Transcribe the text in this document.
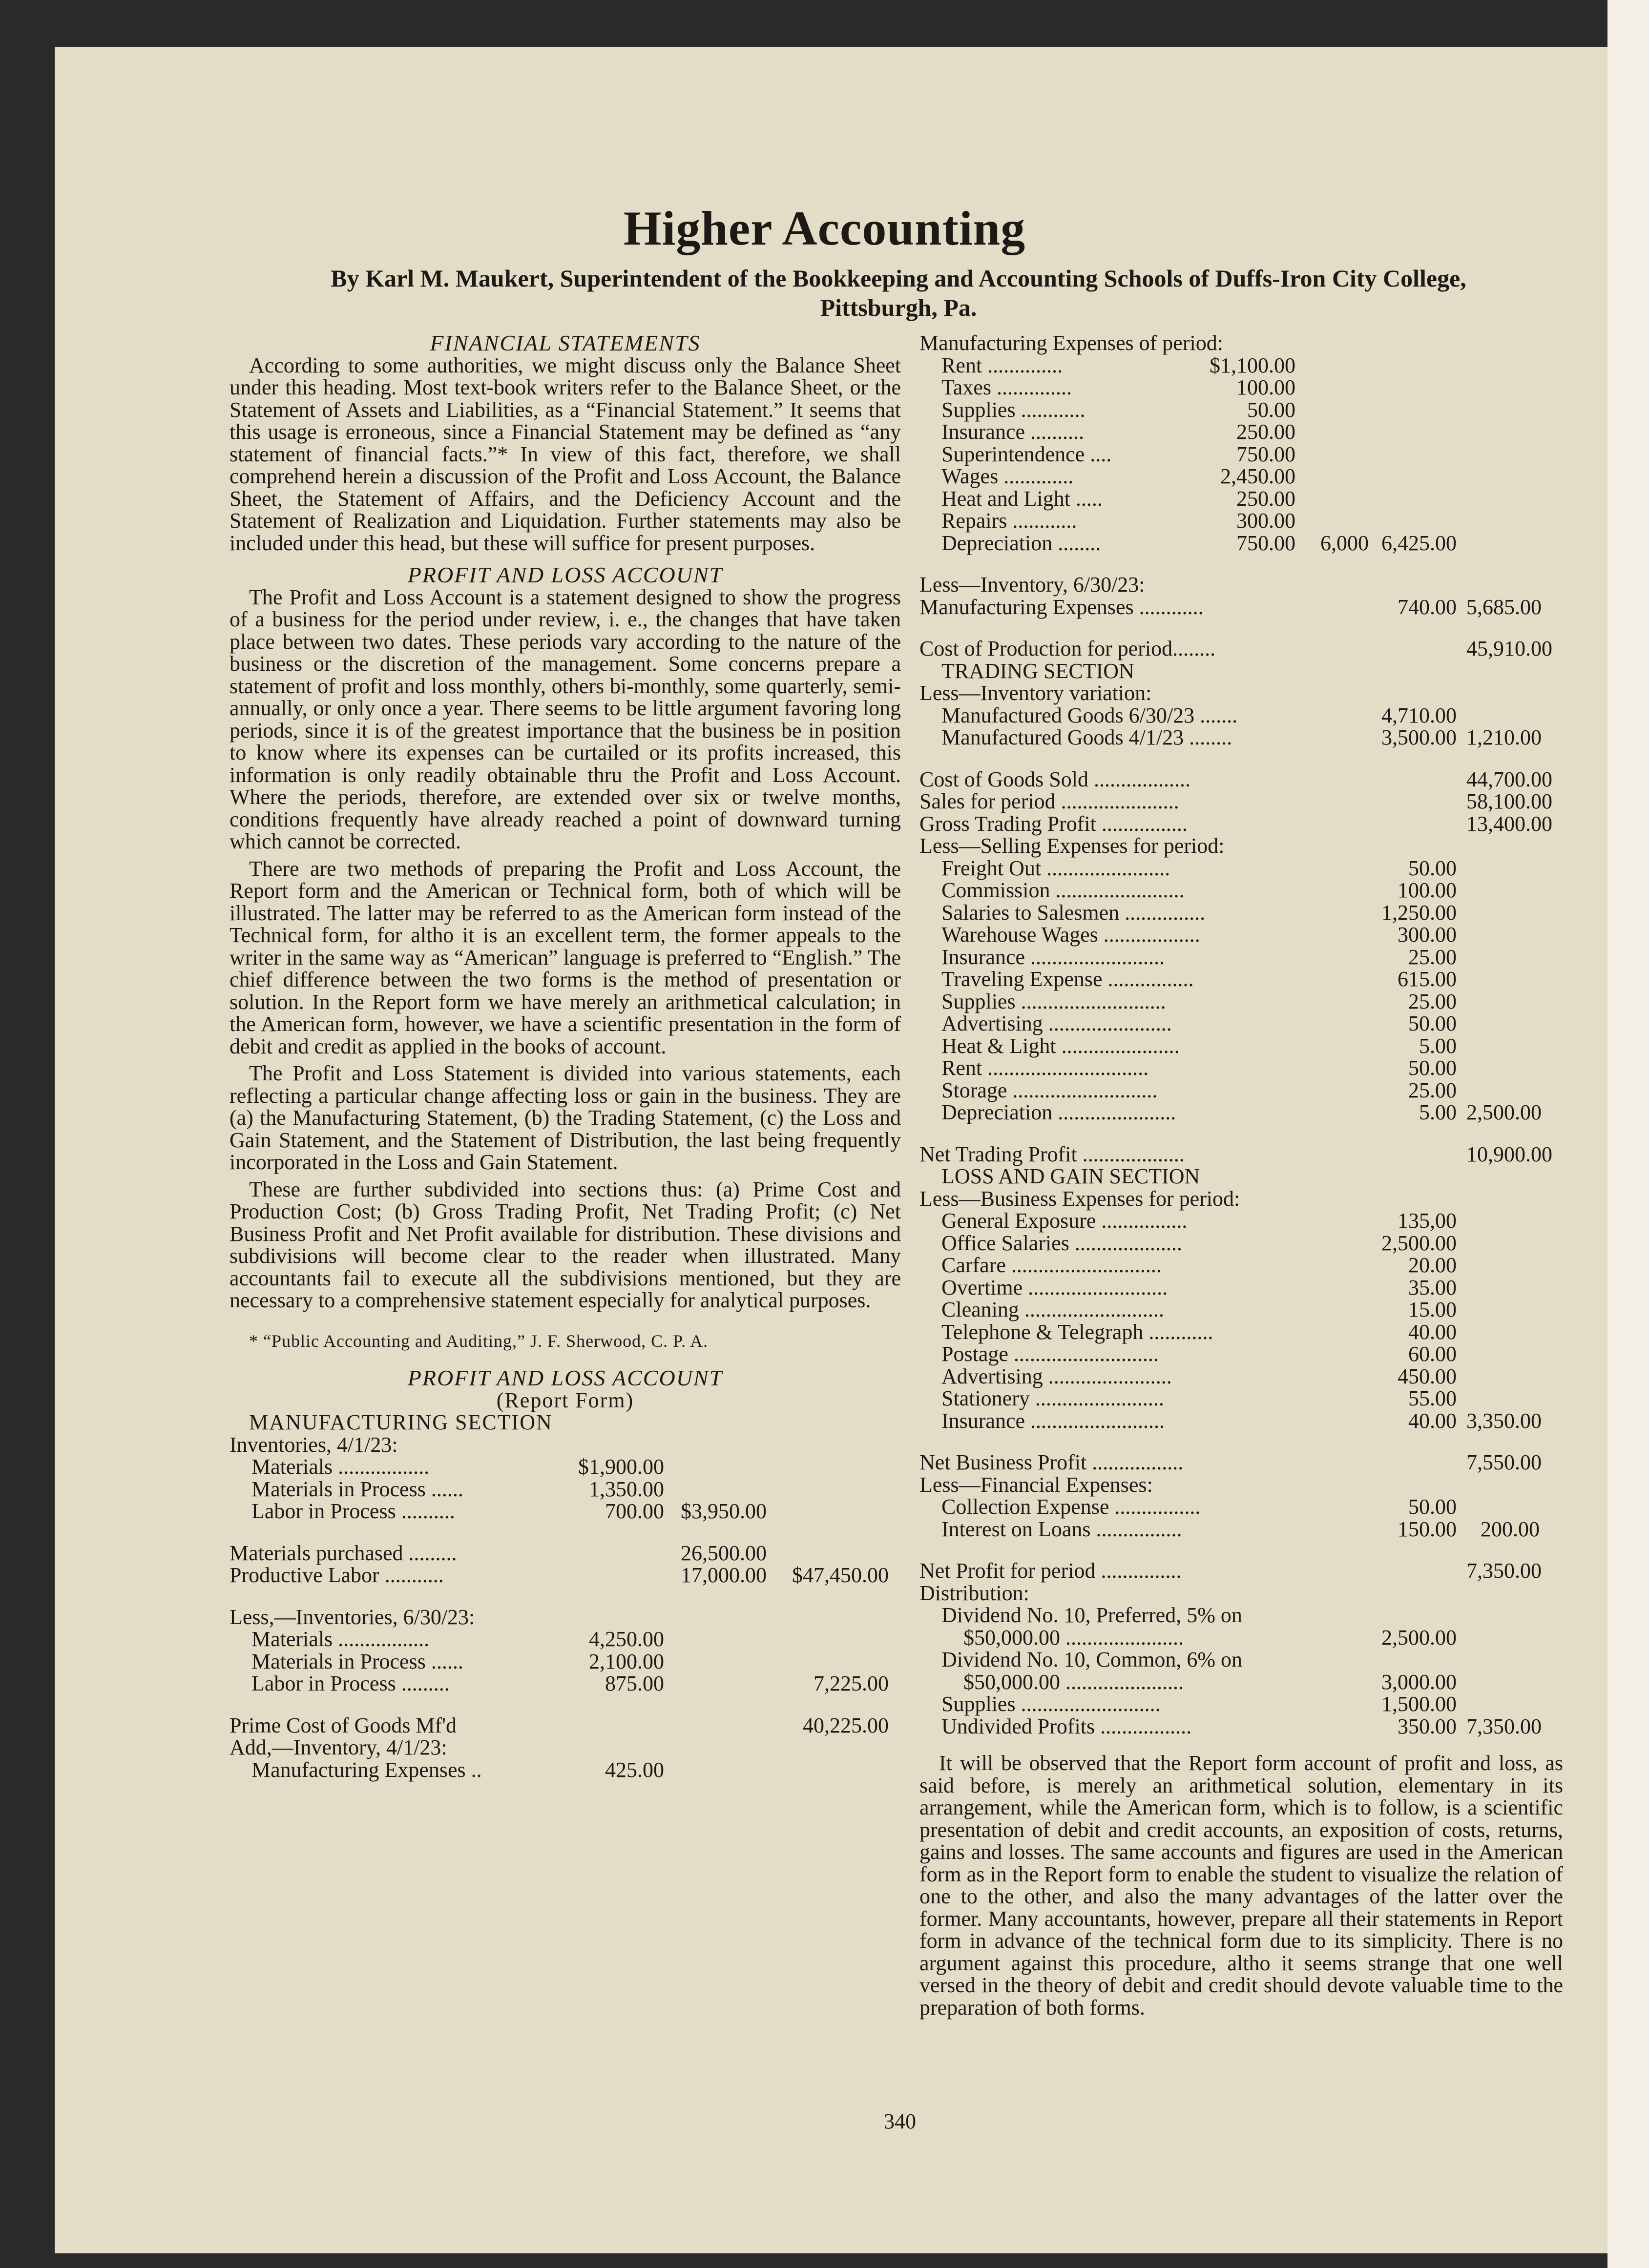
Higher Accounting
By Karl M. Maukert, Superintendent of the Bookkeeping and Accounting Schools of Duffs-Iron City College, Pittsburgh, Pa.

FINANCIAL STATEMENTS

According to some authorities, we might discuss only the Balance Sheet under this heading. Most text-book writers refer to the Balance Sheet, or the Statement of Assets and Liabilities, as a “Financial Statement.” It seems that this usage is erroneous, since a Financial Statement may be defined as “any statement of financial facts.”* In view of this fact, therefore, we shall comprehend herein a discussion of the Profit and Loss Account, the Balance Sheet, the Statement of Affairs, and the Deficiency Account and the Statement of Realization and Liquidation. Further statements may also be included under this head, but these will suffice for present purposes.

PROFIT AND LOSS ACCOUNT

The Profit and Loss Account is a statement designed to show the progress of a business for the period under review, i. e., the changes that have taken place between two dates. These periods vary according to the nature of the business or the discretion of the management. Some concerns prepare a statement of profit and loss monthly, others bi-monthly, some quarterly, semi-annually, or only once a year. There seems to be little argument favoring long periods, since it is of the greatest importance that the business be in position to know where its expenses can be curtailed or its profits increased, this information is only readily obtainable thru the Profit and Loss Account. Where the periods, therefore, are extended over six or twelve months, conditions frequently have already reached a point of downward turning which cannot be corrected.

There are two methods of preparing the Profit and Loss Account, the Report form and the American or Technical form, both of which will be illustrated. The latter may be referred to as the American form instead of the Technical form, for altho it is an excellent term, the former appeals to the writer in the same way as “American” language is preferred to “English.” The chief difference between the two forms is the method of presentation or solution. In the Report form we have merely an arithmetical calculation; in the American form, however, we have a scientific presentation in the form of debit and credit as applied in the books of account.

The Profit and Loss Statement is divided into various statements, each reflecting a particular change affecting loss or gain in the business. They are (a) the Manufacturing Statement, (b) the Trading Statement, (c) the Loss and Gain Statement, and the Statement of Distribution, the last being frequently incorporated in the Loss and Gain Statement.

These are further subdivided into sections thus: (a) Prime Cost and Production Cost; (b) Gross Trading Profit, Net Trading Profit; (c) Net Business Profit and Net Profit available for distribution. These divisions and subdivisions will become clear to the reader when illustrated. Many accountants fail to execute all the subdivisions mentioned, but they are necessary to a comprehensive statement especially for analytical purposes.

* “Public Accounting and Auditing,” J. F. Sherwood, C. P. A.

PROFIT AND LOSS ACCOUNT

(Report Form)

MANUFACTURING SECTION

Inventories, 4/1/23:
Materials .................	$1,900.00
Materials in Process ......	1,350.00
Labor in Process ..........	700.00 $3,950.00
Materials purchased .........	26,500.00
Productive Labor ...........	17,000.00	$47,450.00
Less,—Inventories, 6/30/23:
Materials .................	4,250.00
Materials in Process ......	2,100.00
Labor in Process .........	875.00	7,225.00
Prime Cost of Goods Mf'd	40,225.00
Add,—Inventory, 4/1/23:
Manufacturing Expenses ..	425.00
Manufacturing Expenses of period:
Rent ..............	$1,100.00
Taxes ..............	100.00
Supplies ............	50.00
Insurance ..........	250.00
Superintendence ....	750.00
Wages .............	2,450.00
Heat and Light .....	250.00
Repairs ............	300.00
Depreciation ........	750.00	6,000 6,425.00
Less—Inventory, 6/30/23:
Manufacturing Expenses ............	740.00 5,685.00
Cost of Production for period........	45,910.00
TRADING SECTION
Less—Inventory variation:
Manufactured Goods 6/30/23 .......	4,710.00
Manufactured Goods 4/1/23 ........	3,500.00 1,210.00
Cost of Goods Sold ..................	44,700.00
Sales for period ......................	58,100.00
Gross Trading Profit ................	13,400.00
Less—Selling Expenses for period:
Freight Out .......................	50.00
Commission ........................	100.00
Salaries to Salesmen ...............	1,250.00
Warehouse Wages ..................	300.00
Insurance .........................	25.00
Traveling Expense ................	615.00
Supplies ...........................	25.00
Advertising .......................	50.00
Heat & Light ......................	5.00
Rent ..............................	50.00
Storage ...........................	25.00
Depreciation ......................	5.00 2,500.00
Net Trading Profit ...................	10,900.00
LOSS AND GAIN SECTION
Less—Business Expenses for period:
General Exposure ................	135,00
Office Salaries ....................	2,500.00
Carfare ............................	20.00
Overtime ..........................	35.00
Cleaning ..........................	15.00
Telephone & Telegraph ............	40.00
Postage ...........................	60.00
Advertising .......................	450.00
Stationery ........................	55.00
Insurance .........................	40.00 3,350.00
Net Business Profit .................	7,550.00
Less—Financial Expenses:
Collection Expense ................	50.00
Interest on Loans ................	150.00	200.00
Net Profit for period ...............	7,350.00
Distribution:
Dividend No. 10, Preferred, 5% on
$50,000.00 ......................	2,500.00
Dividend No. 10, Common, 6% on
$50,000.00 ......................	3,000.00
Supplies ..........................	1,500.00
Undivided Profits .................	350.00 7,350.00

It will be observed that the Report form account of profit and loss, as said before, is merely an arithmetical solution, elementary in its arrangement, while the American form, which is to follow, is a scientific presentation of debit and credit accounts, an exposition of costs, returns, gains and losses. The same accounts and figures are used in the American form as in the Report form to enable the student to visualize the relation of one to the other, and also the many advantages of the latter over the former. Many accountants, however, prepare all their statements in Report form in advance of the technical form due to its simplicity. There is no argument against this procedure, altho it seems strange that one well versed in the theory of debit and credit should devote valuable time to the preparation of both forms.

340
